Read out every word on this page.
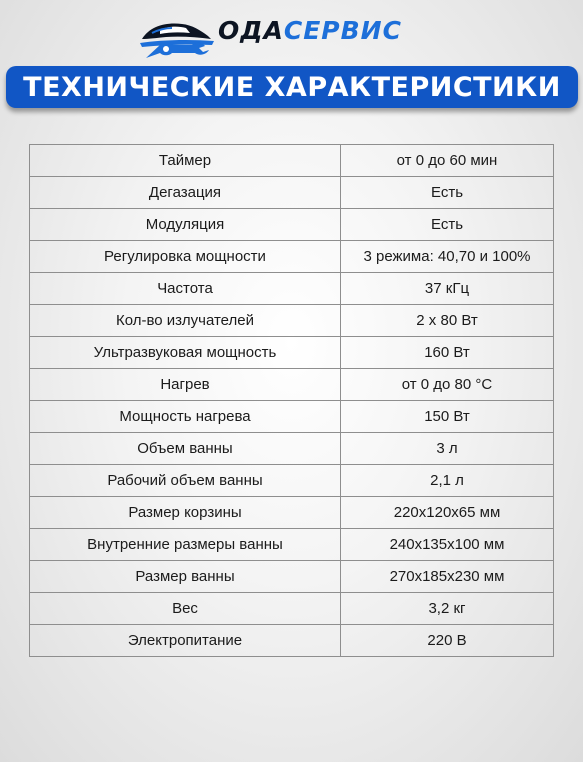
ОДА СЕРВИС
ТЕХНИЧЕСКИЕ ХАРАКТЕРИСТИКИ
Таймер	от 0 до 60 мин
Дегазация	Есть
Модуляция	Есть
Регулировка мощности	3 режима: 40,70 и 100%
Частота	37 кГц
Кол-во излучателей	2 х 80 Вт
Ультразвуковая мощность	160 Вт
Нагрев	от 0 до 80 °С
Мощность нагрева	150 Вт
Объем ванны	3 л
Рабочий объем ванны	2,1 л
Размер корзины	220х120х65 мм
Внутренние размеры ванны	240х135х100 мм
Размер ванны	270х185х230 мм
Вес	3,2 кг
Электропитание	220 В
